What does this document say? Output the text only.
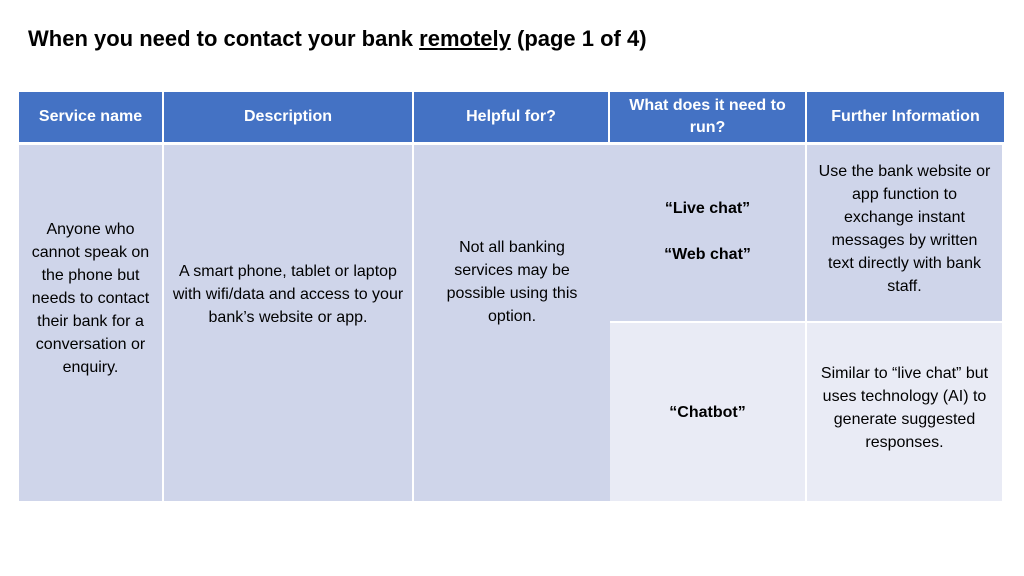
When you need to contact your bank remotely (page 1 of 4)
Service name	Description	Helpful for?
What does it need to run?
Further Information
“Live chat”
“Web chat”
Use the bank website or app function to exchange instant messages by written text directly with bank staff.
Anyone who cannot speak on the phone but needs to contact their bank for a conversation or enquiry.
A smart phone, tablet or laptop with wifi/data and access to your bank’s website or app.
Not all banking services may be possible using this option.
“Chatbot”
Similar to “live chat” but uses technology (AI) to generate suggested responses.
